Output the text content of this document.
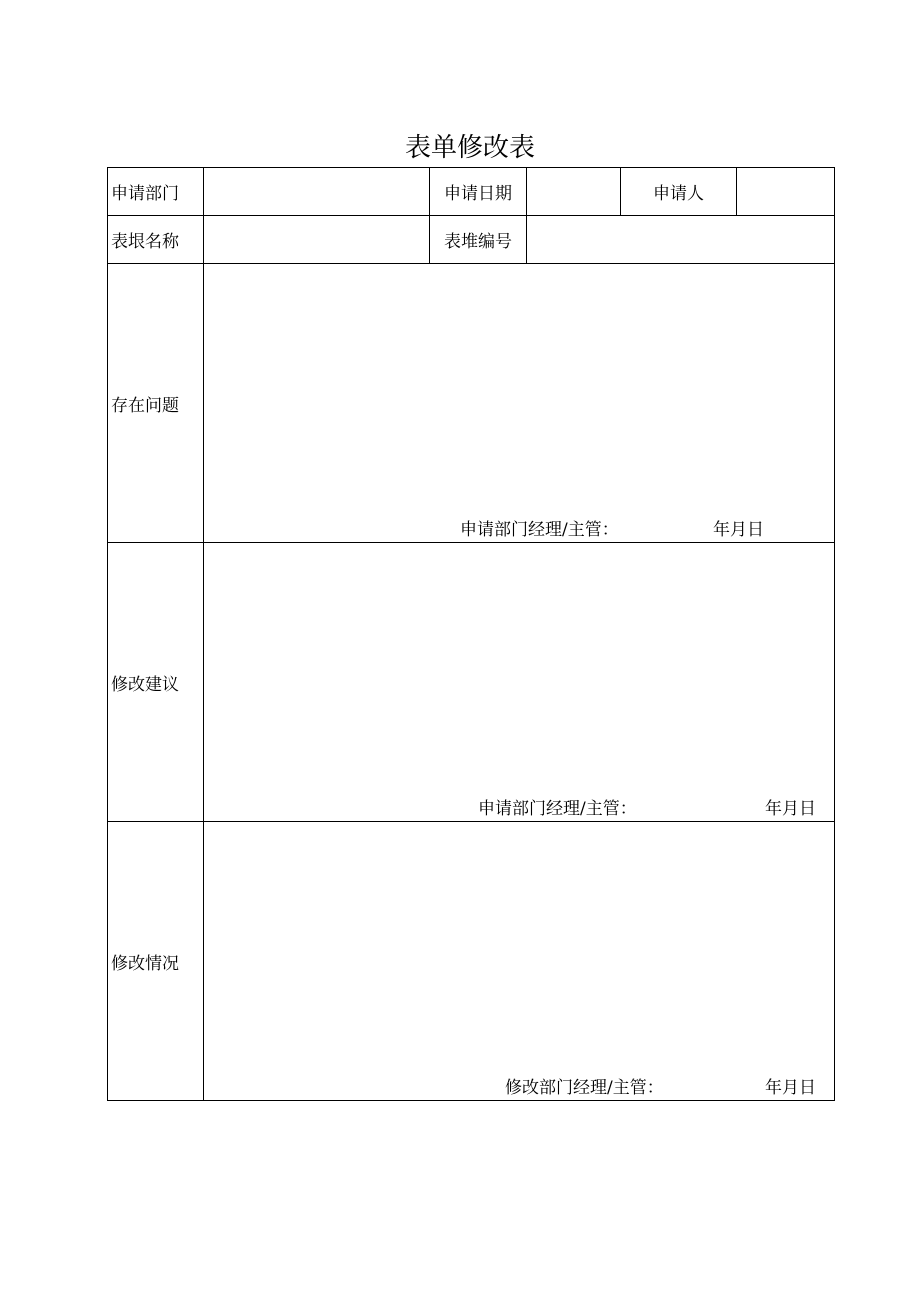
表单修改表
申请部门		申请日期		申请人	
表垠名称		表堆编号			
存在问题	申请部门经理/主管： 年月日				

修改建议	申请部门经理/主管： 年月日				

修改情况	修改部门经理/主管： 年月日				
